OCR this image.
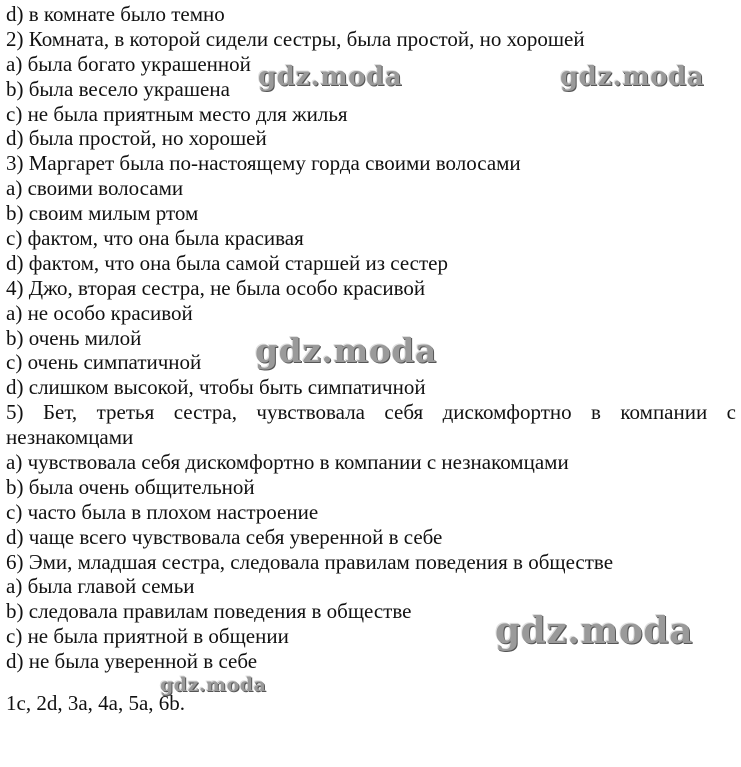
d) в комнате было темно
2) Комната, в которой сидели сестры, была простой, но хорошей
a) была богато украшенной
b) была весело украшена
c) не была приятным место для жилья
d) была простой, но хорошей
3) Маргарет была по-настоящему горда своими волосами
a) своими волосами
b) своим милым ртом
c) фактом, что она была красивая
d) фактом, что она была самой старшей из сестер
4) Джо, вторая сестра, не была особо красивой
a) не особо красивой
b) очень милой
c) очень симпатичной
d) слишком высокой, чтобы быть симпатичной
5) Бет, третья сестра, чувствовала себя дискомфортно в компании с
незнакомцами
a) чувствовала себя дискомфортно в компании с незнакомцами
b) была очень общительной
c) часто была в плохом настроение
d) чаще всего чувствовала себя уверенной в себе
6) Эми, младшая сестра, следовала правилам поведения в обществе
a) была главой семьи
b) следовала правилам поведения в обществе
c) не была приятной в общении
d) не была уверенной в себе
1c, 2d, 3a, 4a, 5a, 6b.
gdz.moda	gdz.moda
gdz.moda
gdz.moda
gdz.moda
